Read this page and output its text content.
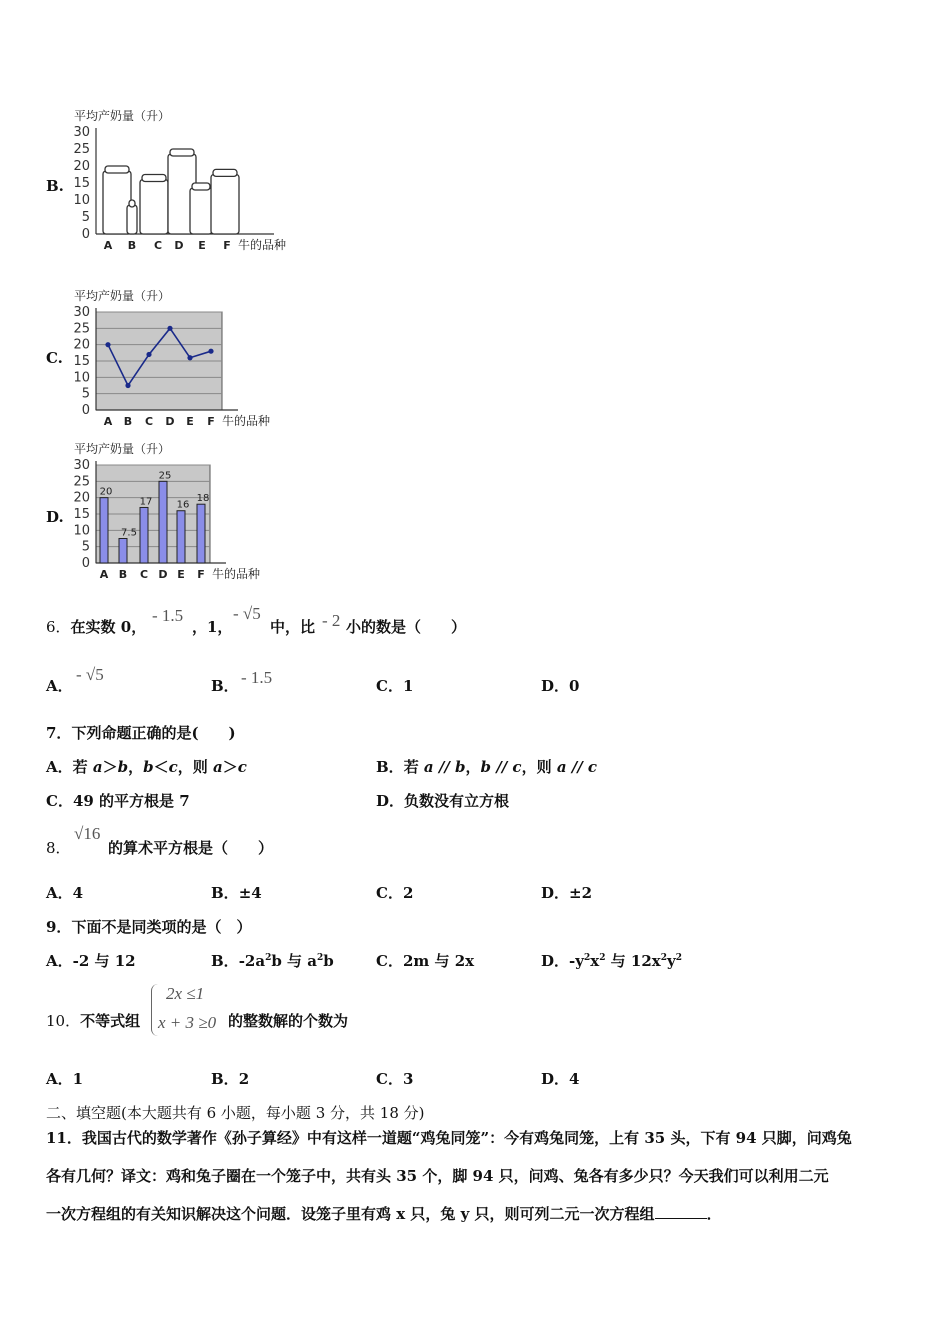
B.
平均产奶量（升）
30
25
20
15
10
5
0
A B C D E F 牛的品种
C.
平均产奶量（升）
30
25
20
15
10
5
0
A B C D E F 牛的品种
D.
平均产奶量（升）
30
25
20
15
10
5
0
20
7.5
17
25
16
18
A B C D E F 牛的品种
6．在实数 0，
- 1.5
，1，
- √5
中，比 - 2 小的数是（　　）
A．
- √5
B． - 1.5	C．1	D．0
7．下列命题正确的是(　　)
A．若 a＞b，b＜c，则 a＞c	B．若 a // b，b // c，则 a // c
C．49 的平方根是 7	D．负数没有立方根
8．
√16
的算术平方根是（　　）
A．4	B．±4	C．2	D．±2
9．下面不是同类项的是（　）
A．-2 与 12	B．$-2a^2b$ 与 $a^2b$	C．2m 与 2x	D．$-y^2x^2$ 与 $12x^2y^2$
10．不等式组
2x ≤1
x + 3 ≥0 的整数解的个数为
A．1	B．2	C．3	D．4
二、填空题(本大题共有 6 小题，每小题 3 分，共 18 分)
11．我国古代的数学著作《孙子算经》中有这样一道题“鸡兔同笼”：今有鸡兔同笼，上有 35 头，下有 94 只脚，问鸡兔
各有几何？译文：鸡和兔子圈在一个笼子中，共有头 35 个，脚 94 只，问鸡、兔各有多少只？今天我们可以利用二元
一次方程组的有关知识解决这个问题．设笼子里有鸡 x 只，兔 y 只，则可列二元一次方程组	．
